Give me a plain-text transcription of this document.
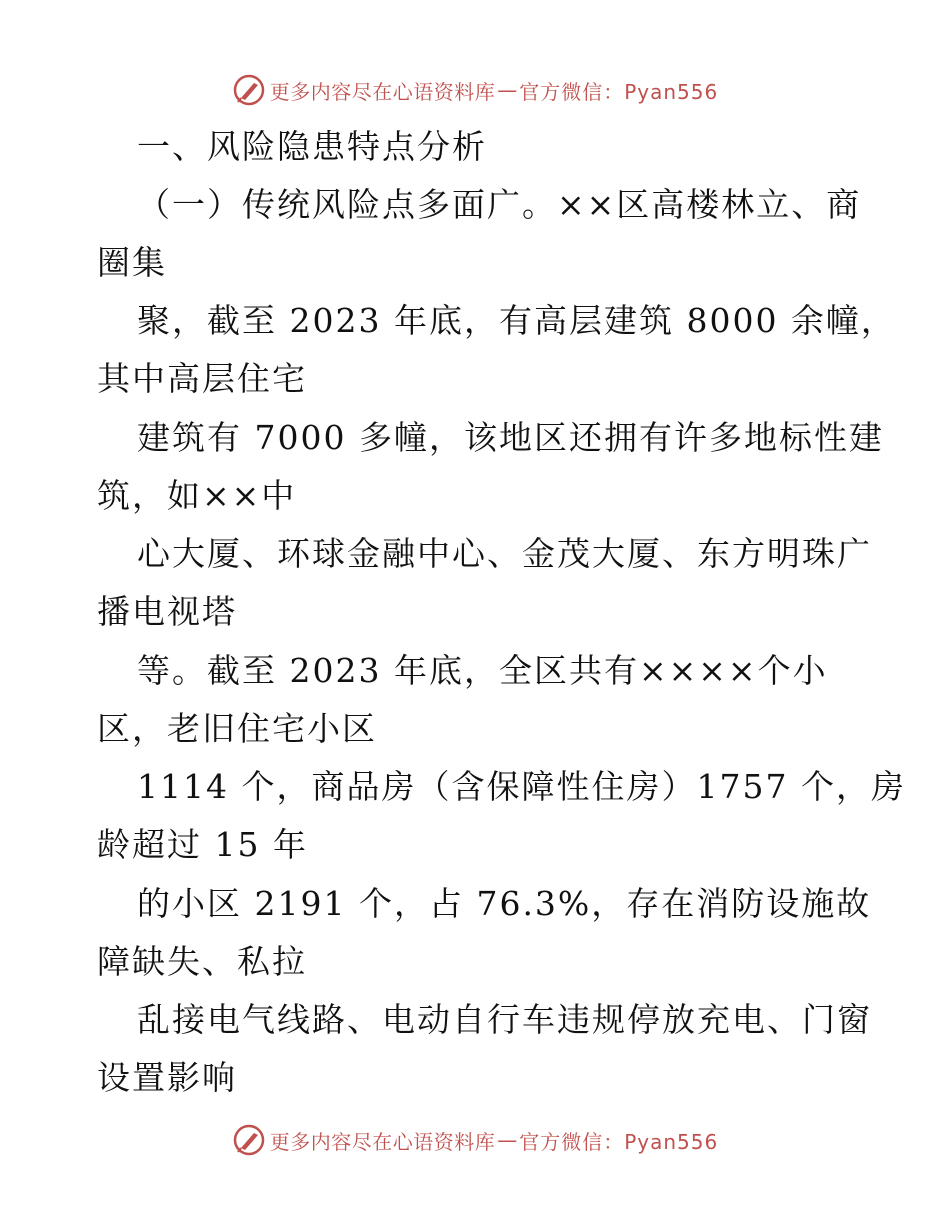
更多内容尽在心语资料库 — 官方微信：Pyan556
一、风险隐患特点分析
（一）传统风险点多面广。××区高楼林立、商
圈集
聚，截至 2023 年底，有高层建筑 8000 余幢，
其中高层住宅
建筑有 7000 多幢，该地区还拥有许多地标性建
筑，如××中
心大厦、环球金融中心、金茂大厦、东方明珠广
播电视塔
等。截至 2023 年底，全区共有××××个小
区，老旧住宅小区
1114 个，商品房（含保障性住房）1757 个，房
龄超过 15 年
的小区 2191 个，占 76.3%，存在消防设施故
障缺失、私拉
乱接电气线路、电动自行车违规停放充电、门窗
设置影响
更多内容尽在心语资料库 — 官方微信：Pyan556
